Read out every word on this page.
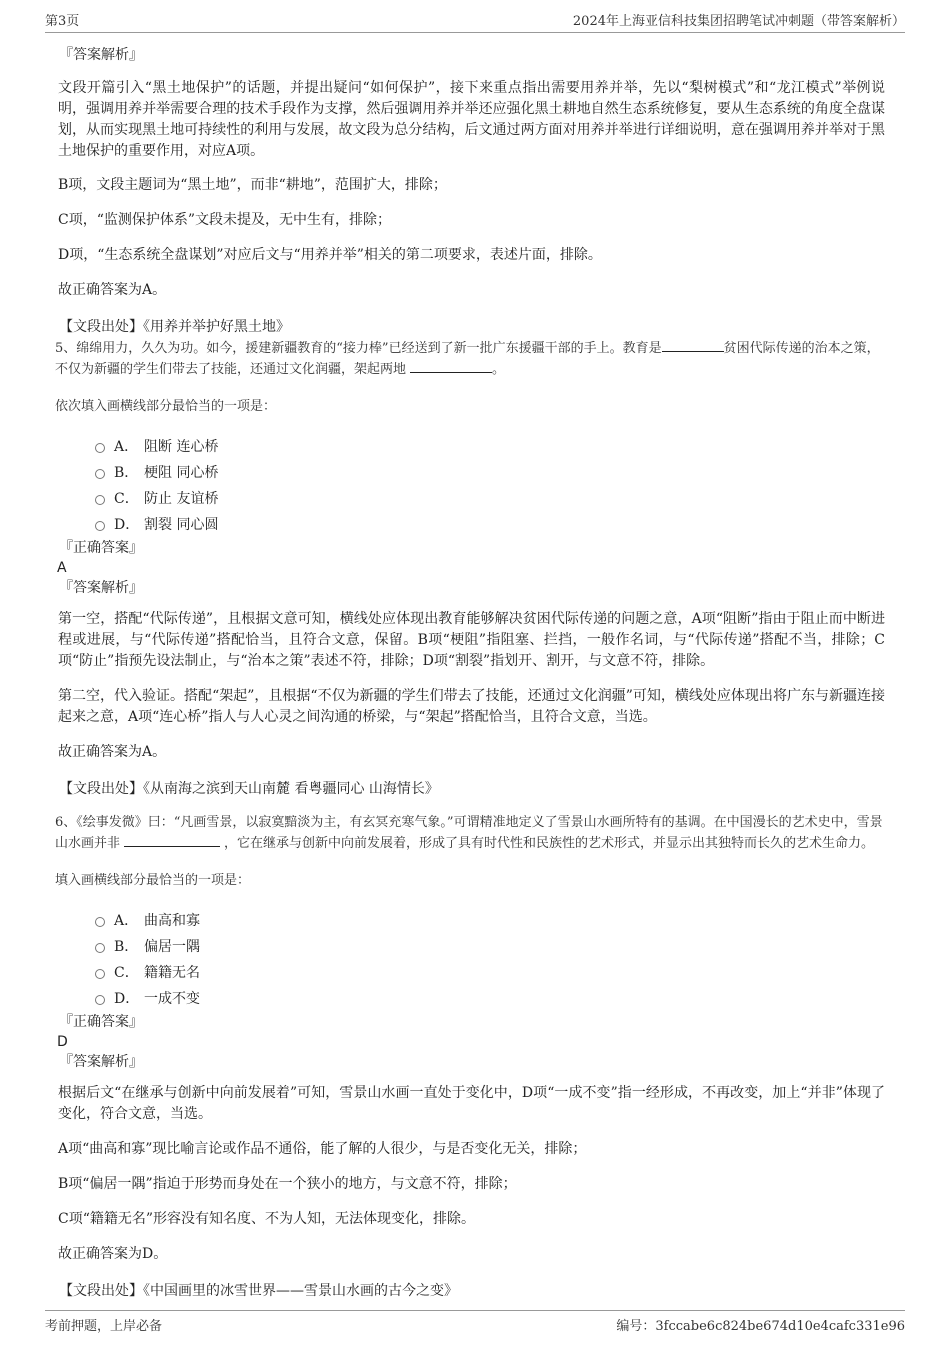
第3页	2024年上海亚信科技集团招聘笔试冲刺题（带答案解析）
『答案解析』

文段开篇引入“黑土地保护”的话题，并提出疑问“如何保护”，接下来重点指出需要用养并举，先以“梨树模式”和“龙江模式”举例说明，强调用养并举需要合理的技术手段作为支撑，然后强调用养并举还应强化黑土耕地自然生态系统修复，要从生态系统的角度全盘谋划，从而实现黑土地可持续性的利用与发展，故文段为总分结构，后文通过两方面对用养并举进行详细说明，意在强调用养并举对于黑土地保护的重要作用，对应A项。

B项，文段主题词为“黑土地”，而非“耕地”，范围扩大，排除；

C项，“监测保护体系”文段未提及，无中生有，排除；

D项，“生态系统全盘谋划”对应后文与“用养并举”相关的第二项要求，表述片面，排除。

故正确答案为A。

【文段出处】《用养并举护好黑土地》

5、绵绵用力，久久为功。如今，援建新疆教育的“接力棒”已经送到了新一批广东援疆干部的手上。教育是	贫困代际传递的治本之策，不仅为新疆的学生们带去了技能，还通过文化润疆，架起两地	。

依次填入画横线部分最恰当的一项是：

A． 阻断 连心桥
B． 梗阻 同心桥
C． 防止 友谊桥
D． 割裂 同心圆
『正确答案』
A
『答案解析』

第一空，搭配“代际传递”，且根据文意可知，横线处应体现出教育能够解决贫困代际传递的问题之意，A项“阻断”指由于阻止而中断进程或进展，与“代际传递”搭配恰当，且符合文意，保留。B项“梗阻”指阻塞、拦挡，一般作名词，与“代际传递”搭配不当，排除；C项“防止”指预先设法制止，与“治本之策”表述不符，排除；D项“割裂”指划开、割开，与文意不符，排除。

第二空，代入验证。搭配“架起”，且根据“不仅为新疆的学生们带去了技能，还通过文化润疆”可知，横线处应体现出将广东与新疆连接起来之意，A项“连心桥”指人与人心灵之间沟通的桥梁，与“架起”搭配恰当，且符合文意，当选。

故正确答案为A。

【文段出处】《从南海之滨到天山南麓 看粤疆同心 山海情长》

6、《绘事发微》曰：“凡画雪景，以寂寞黯淡为主，有玄冥充寒气象。”可谓精准地定义了雪景山水画所特有的基调。在中国漫长的艺术史中，雪景山水画并非	，它在继承与创新中向前发展着，形成了具有时代性和民族性的艺术形式，并显示出其独特而长久的艺术生命力。

填入画横线部分最恰当的一项是：

A． 曲高和寡
B． 偏居一隅
C． 籍籍无名
D． 一成不变
『正确答案』
D
『答案解析』

根据后文“在继承与创新中向前发展着”可知，雪景山水画一直处于变化中，D项“一成不变”指一经形成，不再改变，加上“并非”体现了变化，符合文意，当选。

A项“曲高和寡”现比喻言论或作品不通俗，能了解的人很少，与是否变化无关，排除；

B项“偏居一隅”指迫于形势而身处在一个狭小的地方，与文意不符，排除；

C项“籍籍无名”形容没有知名度、不为人知，无法体现变化，排除。

故正确答案为D。

【文段出处】《中国画里的冰雪世界——雪景山水画的古今之变》
考前押题，上岸必备	编号：3fccabe6c824be674d10e4cafc331e96
